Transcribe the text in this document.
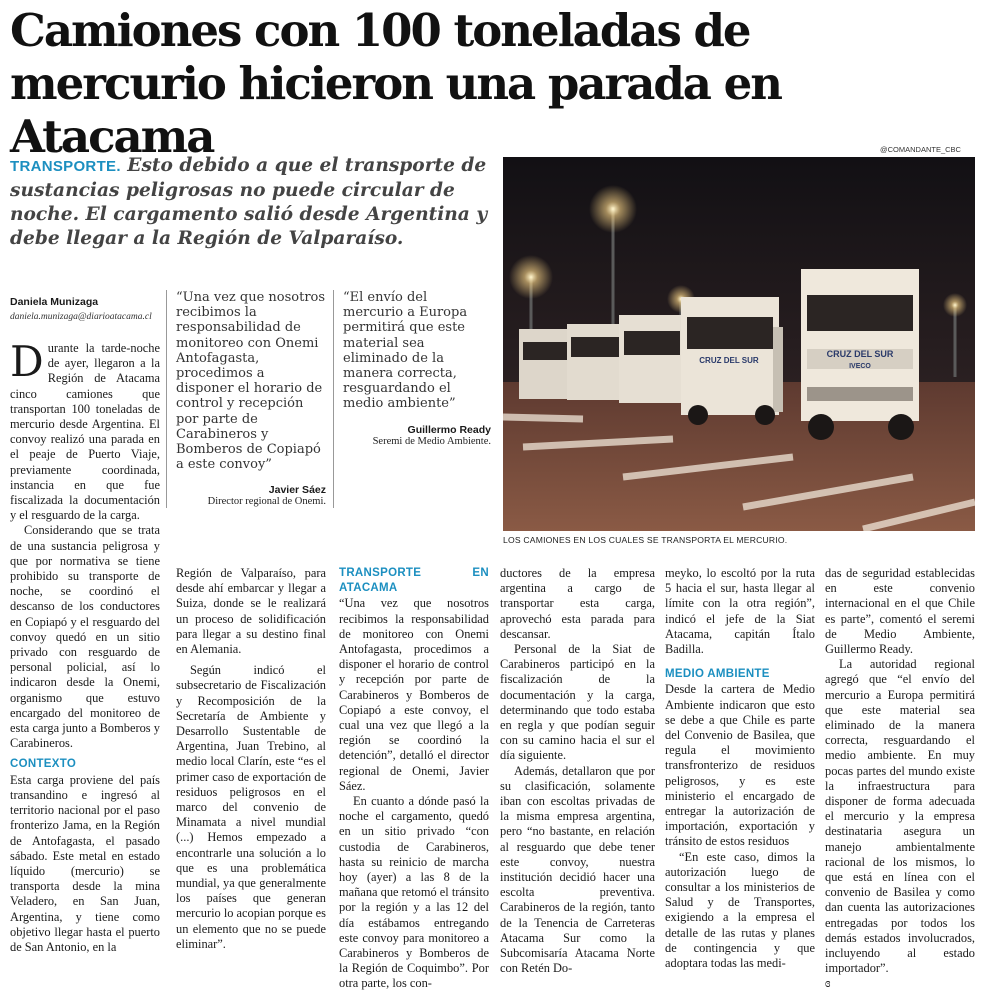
Camiones con 100 toneladas de mercurio hicieron una parada en Atacama
TRANSPORTE. Esto debido a que el transporte de sustancias peligrosas no puede circular de noche. El cargamento salió desde Argentina y debe llegar a la Región de Valparaíso.
@COMANDANTE_CBC
CRUZ DEL SUR
IVECO
CRUZ DEL SUR
LOS CAMIONES EN LOS CUALES SE TRANSPORTA EL MERCURIO.
Daniela Munizaga
daniela.munizaga@diarioatacama.cl

“Una vez que nosotros recibimos la responsabilidad de monitoreo con Onemi Antofagasta, procedimos a disponer el horario de control y recepción por parte de Carabineros y Bomberos de Copiapó a este convoy”

Javier Sáez
Director regional de Onemi.

“El envío del mercurio a Europa permitirá que este material sea eliminado de la manera correcta, resguardando el medio ambiente”

Guillermo Ready
Seremi de Medio Ambiente.

Durante la tarde-noche de ayer, llegaron a la Región de Atacama cinco camiones que transportan 100 toneladas de mercurio desde Argentina. El convoy realizó una parada en el peaje de Puerto Viaje, previamente coordinada, instancia en que fue fiscalizada la documentación y el resguardo de la carga.

Considerando que se trata de una sustancia peligrosa y que por normativa se tiene prohibido su transporte de noche, se coordinó el descanso de los conductores en Copiapó y el resguardo del convoy quedó en un sitio privado con resguardo de personal policial, así lo indicaron desde la Onemi, organismo que estuvo encargado del monitoreo de esta carga junto a Bomberos y Carabineros.

CONTEXTO

Esta carga proviene del país transandino e ingresó al territorio nacional por el paso fronterizo Jama, en la Región de Antofagasta, el pasado sábado. Este metal en estado líquido (mercurio) se transporta desde la mina Veladero, en San Juan, Argentina, y tiene como objetivo llegar hasta el puerto de San Antonio, en la

Región de Valparaíso, para desde ahí embarcar y llegar a Suiza, donde se le realizará un proceso de solidificación para llegar a su destino final en Alemania.

Según indicó el subsecretario de Fiscalización y Recomposición de la Secretaría de Ambiente y Desarrollo Sustentable de Argentina, Juan Trebino, al medio local Clarín, este “es el primer caso de exportación de residuos peligrosos en el marco del convenio de Minamata a nivel mundial (...) Hemos empezado a encontrarle una solución a lo que es una problemática mundial, ya que generalmente los países que generan mercurio lo acopian porque es un elemento que no se puede eliminar”.

TRANSPORTE EN ATACAMA

“Una vez que nosotros recibimos la responsabilidad de monitoreo con Onemi Antofagasta, procedimos a disponer el horario de control y recepción por parte de Carabineros y Bomberos de Copiapó a este convoy, el cual una vez que llegó a la región se coordinó la detención”, detalló el director regional de Onemi, Javier Sáez.

En cuanto a dónde pasó la noche el cargamento, quedó en un sitio privado “con custodia de Carabineros, hasta su reinicio de marcha hoy (ayer) a las 8 de la mañana que retomó el tránsito por la región y a las 12 del día estábamos entregando este convoy para monitoreo a Carabineros y Bomberos de la Región de Coquimbo”. Por otra parte, los con-

ductores de la empresa argentina a cargo de transportar esta carga, aprovechó esta parada para descansar.

Personal de la Siat de Carabineros participó en la fiscalización de la documentación y la carga, determinando que todo estaba en regla y que podían seguir con su camino hacia el sur el día siguiente.

Además, detallaron que por su clasificación, solamente iban con escoltas privadas de la misma empresa argentina, pero “no bastante, en relación al resguardo que debe tener este convoy, nuestra institución decidió hacer una escolta preventiva. Carabineros de la región, tanto de la Tenencia de Carreteras Atacama Sur como la Subcomisaría Atacama Norte con Retén Do-

meyko, lo escoltó por la ruta 5 hacia el sur, hasta llegar al límite con la otra región”, indicó el jefe de la Siat Atacama, capitán Ítalo Badilla.

MEDIO AMBIENTE

Desde la cartera de Medio Ambiente indicaron que esto se debe a que Chile es parte del Convenio de Basilea, que regula el movimiento transfronterizo de residuos peligrosos, y es este ministerio el encargado de entregar la autorización de importación, exportación y tránsito de estos residuos

“En este caso, dimos la autorización luego de consultar a los ministerios de Salud y de Transportes, exigiendo a la empresa el detalle de las rutas y planes de contingencia y que adoptara todas las medi-

das de seguridad establecidas en este convenio internacional en el que Chile es parte”, comentó el seremi de Medio Ambiente, Guillermo Ready.

La autoridad regional agregó que “el envío del mercurio a Europa permitirá que este material sea eliminado de la manera correcta, resguardando el medio ambiente. En muy pocas partes del mundo existe la infraestructura para disponer de forma adecuada el mercurio y la empresa destinataria asegura un manejo ambientalmente racional de los mismos, lo que está en línea con el convenio de Basilea y como dan cuenta las autorizaciones entregadas por todos los demás estados involucrados, incluyendo al estado importador”.

ɞ
